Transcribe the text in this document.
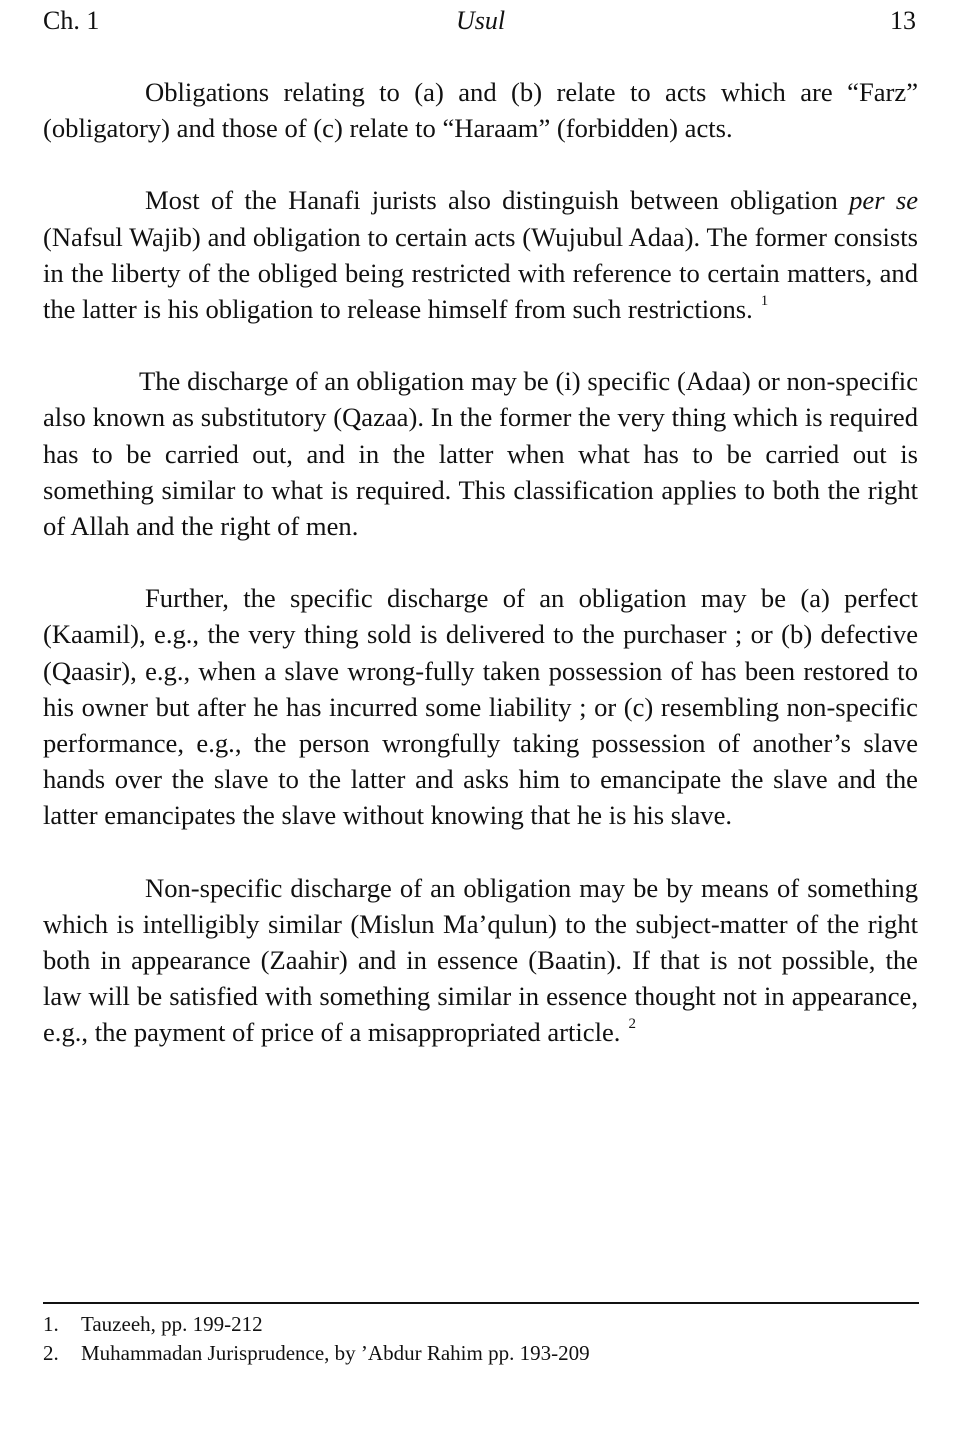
Ch. 1	Usul	13

Obligations relating to (a) and (b) relate to acts which are “Farz” (obligatory) and those of (c) relate to “Haraam” (forbidden) acts.

Most of the Hanafi jurists also distinguish between obligation per se (Nafsul Wajib) and obligation to certain acts (Wujubul Adaa). The former consists in the liberty of the obliged being restricted with reference to certain matters, and the latter is his obligation to release himself from such restrictions. $^1$

The discharge of an obligation may be (i) specific (Adaa) or non-specific also known as substitutory (Qazaa). In the former the very thing which is required has to be carried out, and in the latter when what has to be carried out is something similar to what is required. This classification applies to both the right of Allah and the right of men.

Further, the specific discharge of an obligation may be (a) perfect (Kaamil), e.g., the very thing sold is delivered to the purchaser ; or (b) defective (Qaasir), e.g., when a slave wrong-fully taken possession of has been restored to his owner but after he has incurred some liability ; or (c) resembling non-specific performance, e.g., the person wrongfully taking possession of another’s slave hands over the slave to the latter and asks him to emancipate the slave and the latter emancipates the slave without knowing that he is his slave.

Non-specific discharge of an obligation may be by means of something which is intelligibly similar (Mislun Ma’qulun) to the subject-matter of the right both in appearance (Zaahir) and in essence (Baatin). If that is not possible, the law will be satisfied with something similar in essence thought not in appearance, e.g., the payment of price of a misappropriated article. $^2$

1. Tauzeeh, pp. 199-212
2. Muhammadan Jurisprudence, by ’Abdur Rahim pp. 193-209
